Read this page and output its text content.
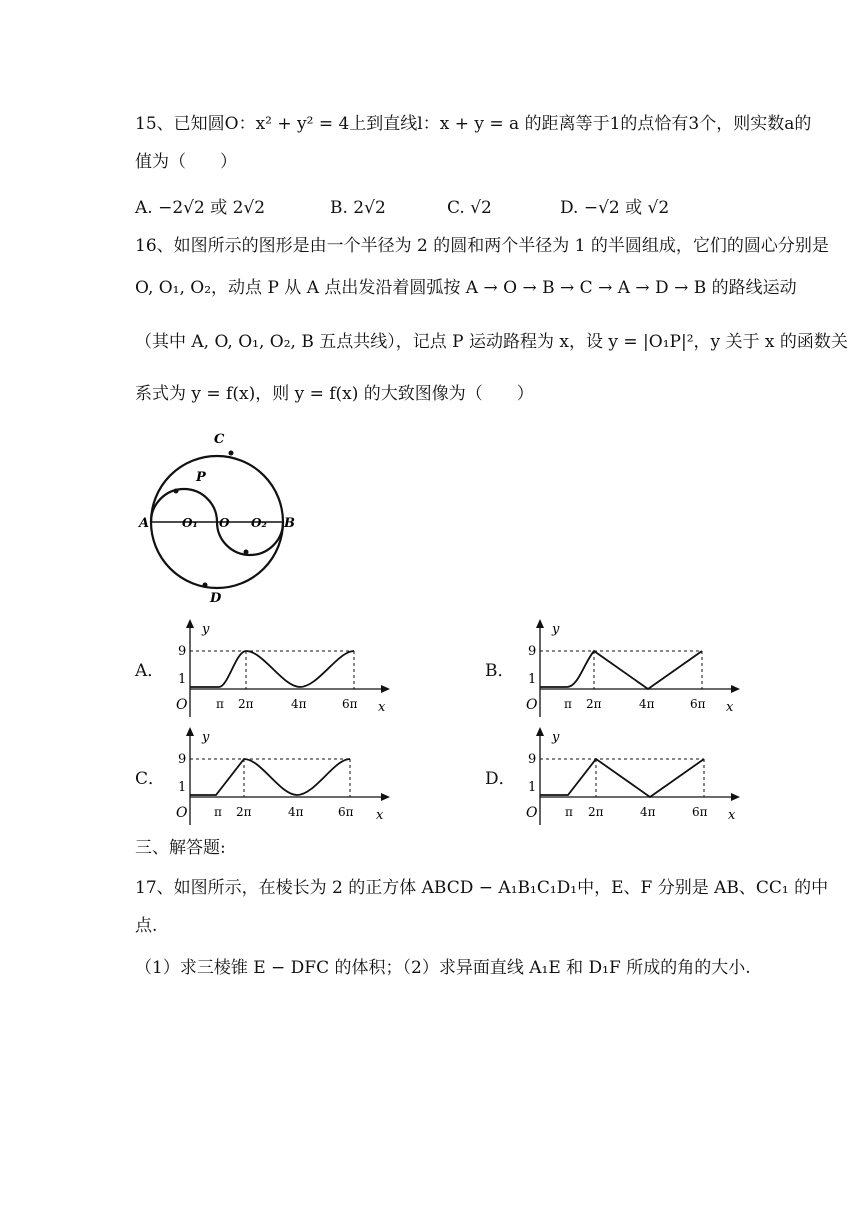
15、已知圆O：x² + y² = 4上到直线l：x + y = a 的距离等于1的点恰有3个，则实数a的
值为（　　）
A. −2√2 或 2√2	B. 2√2	C. √2	D. −√2 或 √2
16、如图所示的图形是由一个半径为 2 的圆和两个半径为 1 的半圆组成，它们的圆心分别是
O, O₁, O₂，动点 P 从 A 点出发沿着圆弧按 A → O → B → C → A → D → B 的路线运动
（其中 A, O, O₁, O₂, B 五点共线），记点 P 运动路程为 x，设 y = |O₁P|²，y 关于 x 的函数关
系式为 y = f(x)，则 y = f(x) 的大致图像为（　　）
C
P
A	O₁ O O₂ B
D
A．	B．
C．	D．
y
9
1
O π 2π	4π	6π x
y
9
1
O π 2π	4π	6π x
y
9
1
O π 2π	4π	6π x
y
9
1
O π 2π	4π	6π x
三、解答题:
17、如图所示，在棱长为 2 的正方体 ABCD − A₁B₁C₁D₁中，E、F 分别是 AB、CC₁ 的中
点.
（1）求三棱锥 E − DFC 的体积；（2）求异面直线 A₁E 和 D₁F 所成的角的大小.
